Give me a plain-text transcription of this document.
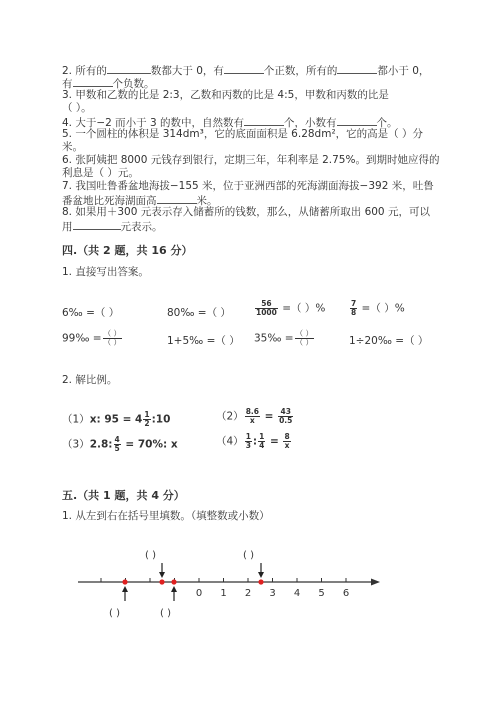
2. 所有的	数都大于 0，有	个正数，所有的	都小于 0，
有	个负数。
3. 甲数和乙数的比是 2:3，乙数和丙数的比是 4:5，甲数和丙数的比是
（ ）。
4. 大于−2 而小于 3 的数中，自然数有	个，小数有	个。
5. 一个圆柱的体积是 314dm³，它的底面面积是 6.28dm²，它的高是（ ）分
米。
6. 张阿姨把 8000 元钱存到银行，定期三年，年利率是 2.75%。到期时她应得的
利息是（ ）元。
7. 我国吐鲁番盆地海拔−155 米，位于亚洲西部的死海湖面海拔−392 米，吐鲁
番盆地比死海湖面高	米。
8. 如果用＋300 元表示存入储蓄所的钱数，那么，从储蓄所取出 600 元，可以
用	元表示。
四.（共 2 题，共 16 分）
1. 直接写出答案。
6‰ =（ ）	80‰ =（ ）	$\frac{56}{1000}$ =（ ）%	$\frac{7}{8}$ =（ ）%
99‰ = $\frac{( )}{( )}$	1+5‰ =（ ） 35‰ = $\frac{( )}{( )}$	1÷20‰ =（ ）
2. 解比例。
（1）x: $95 = 4 \frac{1}{2}$ :10	$(2) \frac{8.6}{x} = \frac{43}{0.5}$
（3）2.8: $\frac{4}{5} = 70\%$: x	$(4) \frac{1}{3}$ : $\frac{1}{4} = \frac{8}{x}$
五.（共 1 题，共 4 分）
1. 从左到右在括号里填数。（填整数或小数）
( )	( )
( )	( )
0 1 2 3 4 5 6
